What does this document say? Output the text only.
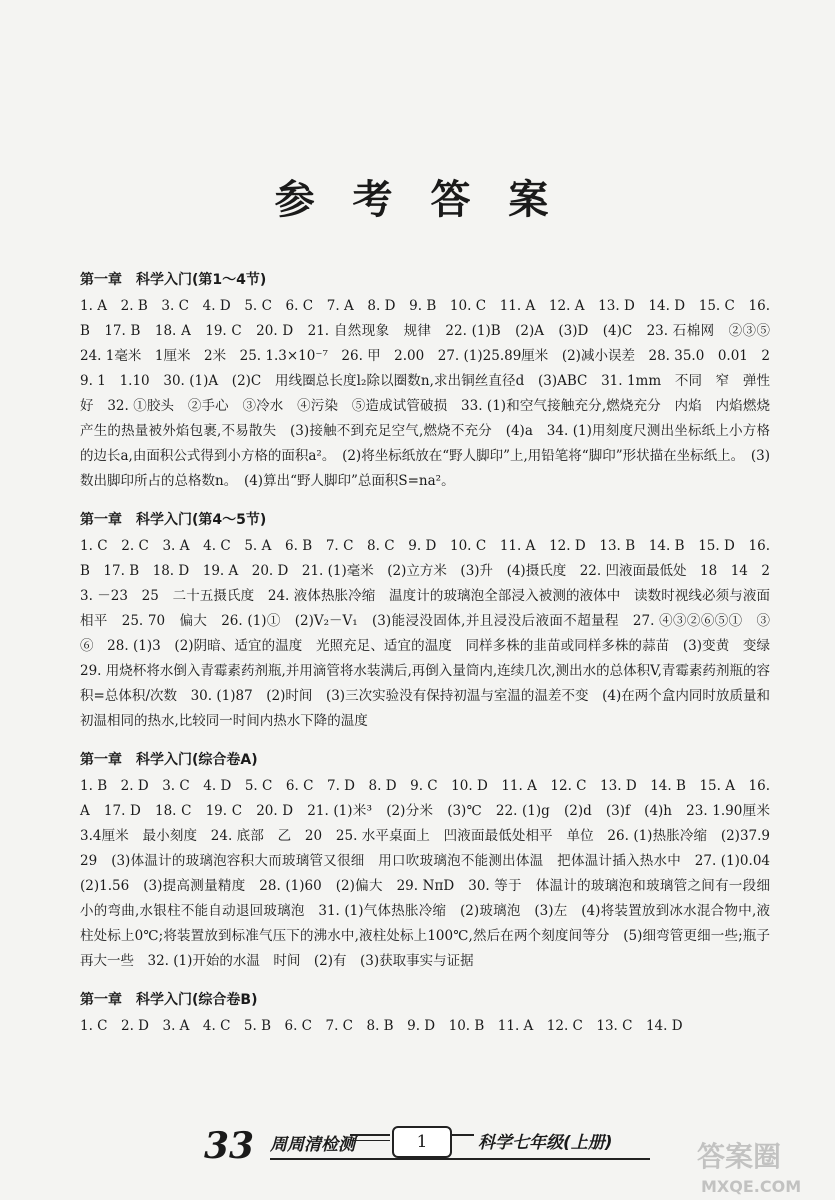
参 考 答 案
第一章　科学入门(第1～4节)

1. A　2. B　3. C　4. D　5. C　6. C　7. A　8. D　9. B　10. C　11. A　12. A　13. D　14. D　15. C　16. B　17. B　18. A　19. C　20. D　21. 自然现象　规律　22. (1)B　(2)A　(3)D　(4)C　23. 石棉网　②③⑤　24. 1毫米　1厘米　2米　25. 1.3×10⁻⁷　26. 甲　2.00　27. (1)25.89厘米　(2)减小误差　28. 35.0　0.01　29. 1　1.10　30. (1)A　(2)C　用线圈总长度l₂除以圈数n,求出铜丝直径d　(3)ABC　31. 1mm　不同　窄　弹性好　32. ①胶头　②手心　③冷水　④污染　⑤造成试管破损　33. (1)和空气接触充分,燃烧充分　内焰　内焰燃烧产生的热量被外焰包裹,不易散失　(3)接触不到充足空气,燃烧不充分　(4)a　34. (1)用刻度尺测出坐标纸上小方格的边长a,由面积公式得到小方格的面积a²。　(2)将坐标纸放在“野人脚印”上,用铅笔将“脚印”形状描在坐标纸上。　(3)数出脚印所占的总格数n。　(4)算出“野人脚印”总面积S=na²。

第一章　科学入门(第4～5节)

1. C　2. C　3. A　4. C　5. A　6. B　7. C　8. C　9. D　10. C　11. A　12. D　13. B　14. B　15. D　16. B　17. B　18. D　19. A　20. D　21. (1)毫米　(2)立方米　(3)升　(4)摄氏度　22. 凹液面最低处　18　14　23. －23　25　二十五摄氏度　24. 液体热胀冷缩　温度计的玻璃泡全部浸入被测的液体中　读数时视线必须与液面相平　25. 70　偏大　26. (1)①　(2)V₂－V₁　(3)能浸没固体,并且浸没后液面不超量程　27. ④③②⑥⑤①　③　⑥　28. (1)3　(2)阴暗、适宜的温度　光照充足、适宜的温度　同样多株的韭苗或同样多株的蒜苗　(3)变黄　变绿　29. 用烧杯将水倒入青霉素药剂瓶,并用滴管将水装满后,再倒入量筒内,连续几次,测出水的总体积V,青霉素药剂瓶的容积=总体积/次数　30. (1)87　(2)时间　(3)三次实验没有保持初温与室温的温差不变　(4)在两个盒内同时放质量和初温相同的热水,比较同一时间内热水下降的温度

第一章　科学入门(综合卷A)

1. B　2. D　3. C　4. D　5. C　6. C　7. D　8. D　9. C　10. D　11. A　12. C　13. D　14. B　15. A　16. A　17. D　18. C　19. C　20. D　21. (1)米³　(2)分米　(3)℃　22. (1)g　(2)d　(3)f　(4)h　23. 1.90厘米　3.4厘米　最小刻度　24. 底部　乙　20　25. 水平桌面上　凹液面最低处相平　单位　26. (1)热胀冷缩　(2)37.9　29　(3)体温计的玻璃泡容积大而玻璃管又很细　用口吹玻璃泡不能测出体温　把体温计插入热水中　27. (1)0.04　(2)1.56　(3)提高测量精度　28. (1)60　(2)偏大　29. NπD　30. 等于　体温计的玻璃泡和玻璃管之间有一段细小的弯曲,水银柱不能自动退回玻璃泡　31. (1)气体热胀冷缩　(2)玻璃泡　(3)左　(4)将装置放到冰水混合物中,液柱处标上0℃;将装置放到标准气压下的沸水中,液柱处标上100℃,然后在两个刻度间等分　(5)细弯管更细一些;瓶子再大一些　32. (1)开始的水温　时间　(2)有　(3)获取事实与证据

第一章　科学入门(综合卷B)

1. C　2. D　3. A　4. C　5. B　6. C　7. C　8. B　9. D　10. B　11. A　12. C　13. C　14. D

33 周周清检测	1	科学七年级(上册)	答案圈
MXQE.COM
